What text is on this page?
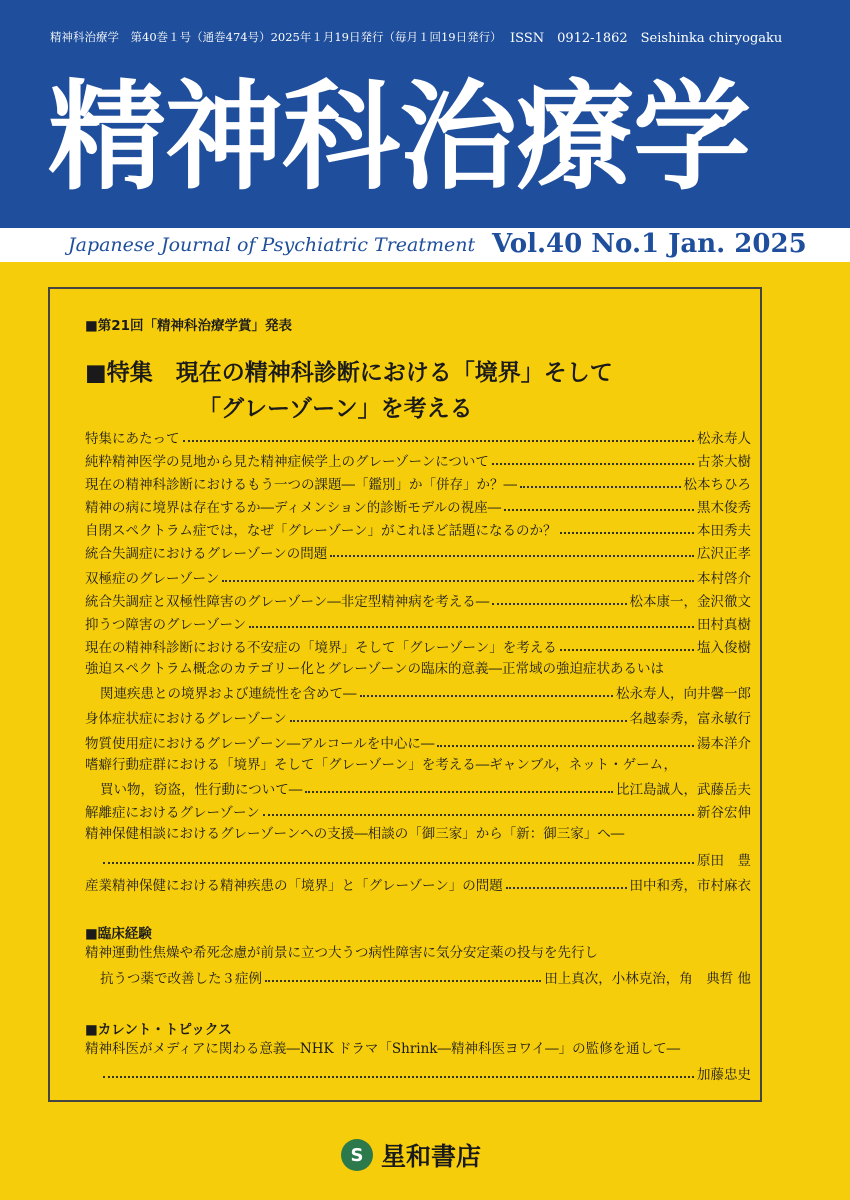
精神科治療学　第40巻１号（通巻474号）2025年１月19日発行（毎月１回19日発行） ISSN　0912-1862　Seishinka chiryogaku
精神科治療学
Japanese Journal of Psychiatric Treatment Vol.40 No.1 Jan. 2025
■第21回「精神科治療学賞」発表
■特集　現在の精神科診断における「境界」そして
「グレーゾーン」を考える
特集にあたって	松永寿人
純粋精神医学の見地から見た精神症候学上のグレーゾーンについて	古茶大樹
現在の精神科診断におけるもう一つの課題―「鑑別」か「併存」か？―	松本ちひろ
精神の病に境界は存在するか―ディメンション的診断モデルの視座―	黒木俊秀
自閉スペクトラム症では，なぜ「グレーゾーン」がこれほど話題になるのか？	本田秀夫
統合失調症におけるグレーゾーンの問題	広沢正孝
双極症のグレーゾーン	本村啓介
統合失調症と双極性障害のグレーゾーン―非定型精神病を考える―	松本康一，金沢徹文
抑うつ障害のグレーゾーン	田村真樹
現在の精神科診断における不安症の「境界」そして「グレーゾーン」を考える	塩入俊樹
強迫スペクトラム概念のカテゴリー化とグレーゾーンの臨床的意義―正常域の強迫症状あるいは
関連疾患との境界および連続性を含めて―	松永寿人，向井馨一郎
身体症状症におけるグレーゾーン	名越泰秀，富永敏行
物質使用症におけるグレーゾーン―アルコールを中心に―	湯本洋介
嗜癖行動症群における「境界」そして「グレーゾーン」を考える―ギャンブル，ネット・ゲーム，
買い物，窃盗，性行動について―	比江島誠人，武藤岳夫
解離症におけるグレーゾーン	新谷宏伸
精神保健相談におけるグレーゾーンへの支援―相談の「御三家」から「新：御三家」へ―
原田　豊
産業精神保健における精神疾患の「境界」と「グレーゾーン」の問題	田中和秀，市村麻衣
■臨床経験
精神運動性焦燥や希死念慮が前景に立つ大うつ病性障害に気分安定薬の投与を先行し
抗うつ薬で改善した３症例	田上真次，小林克治，角　典哲 他
■カレント・トピックス
精神科医がメディアに関わる意義―NHK ドラマ「Shrink―精神科医ヨワイ―」の監修を通して―
加藤忠史
S 星和書店
